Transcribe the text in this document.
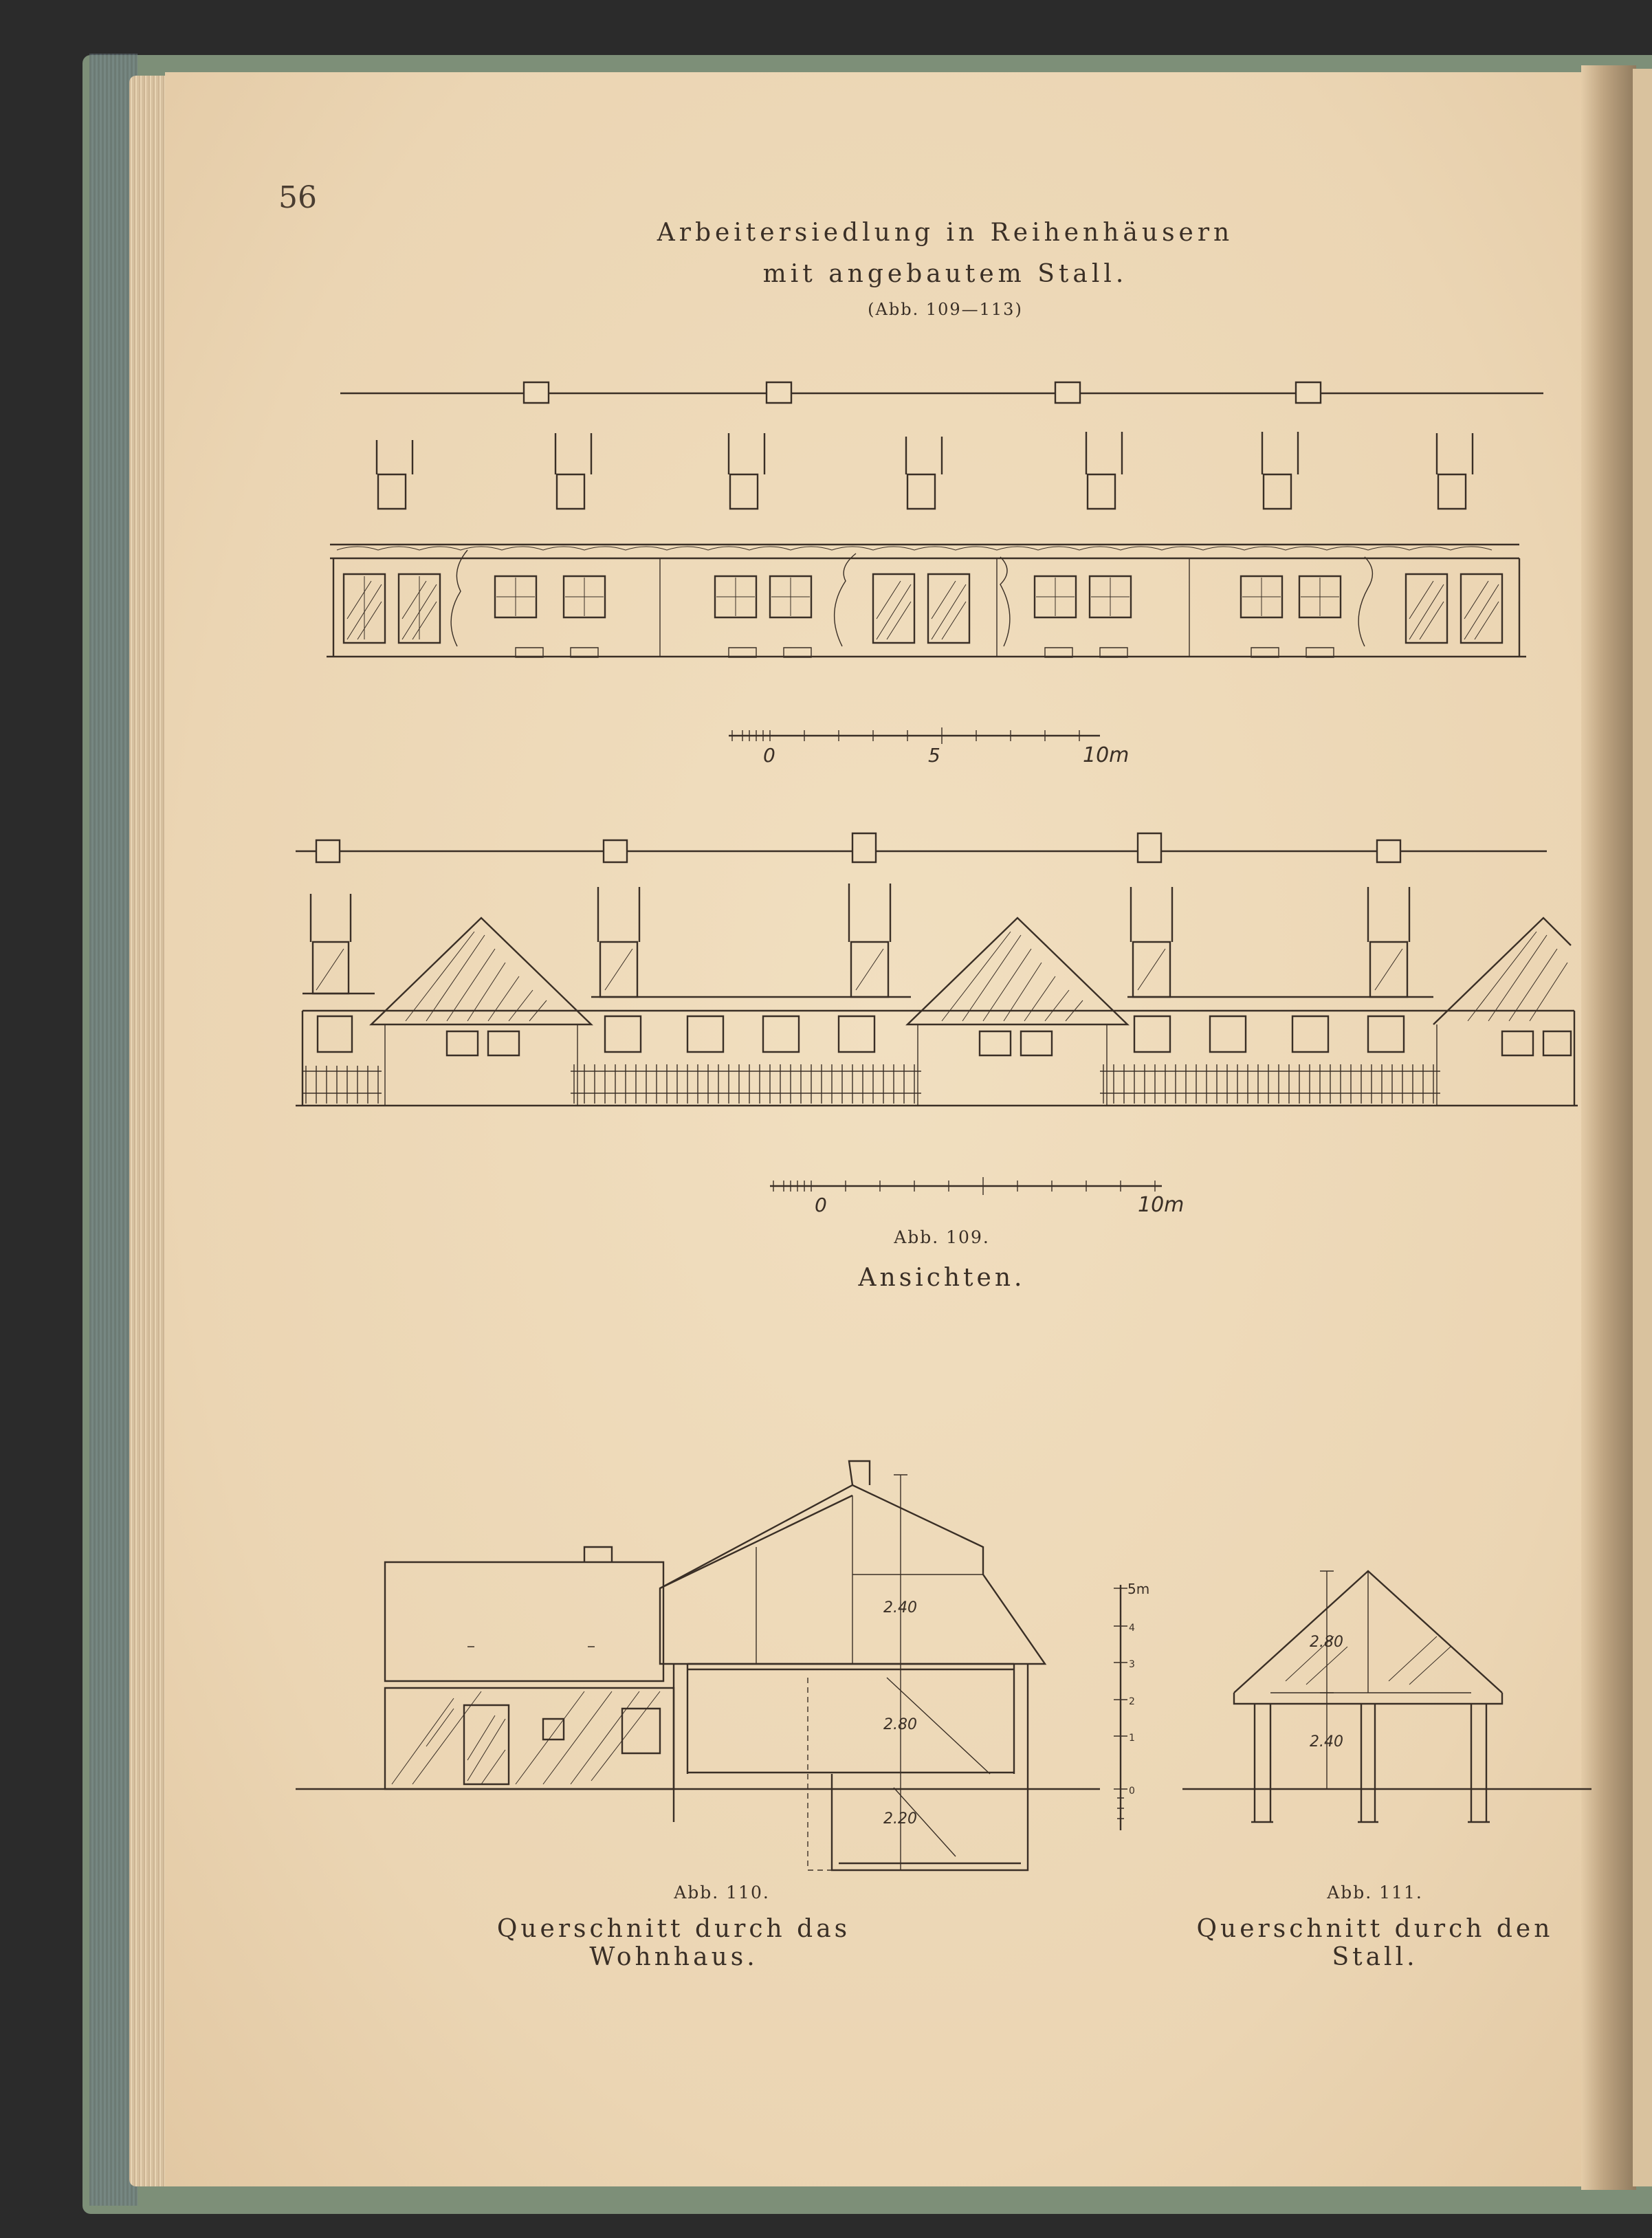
56
Arbeitersiedlung in Reihenhäusern
mit angebautem Stall.
(Abb. 109—113)
0	5	10m
0	10m
2.40
2.80
2.20
5m
4
3
2
1
0
2.80
2.40
Abb. 109.
Ansichten.
Abb. 110.
Querschnitt durch das Wohnhaus.
Abb. 111.
Querschnitt durch den Stall.
